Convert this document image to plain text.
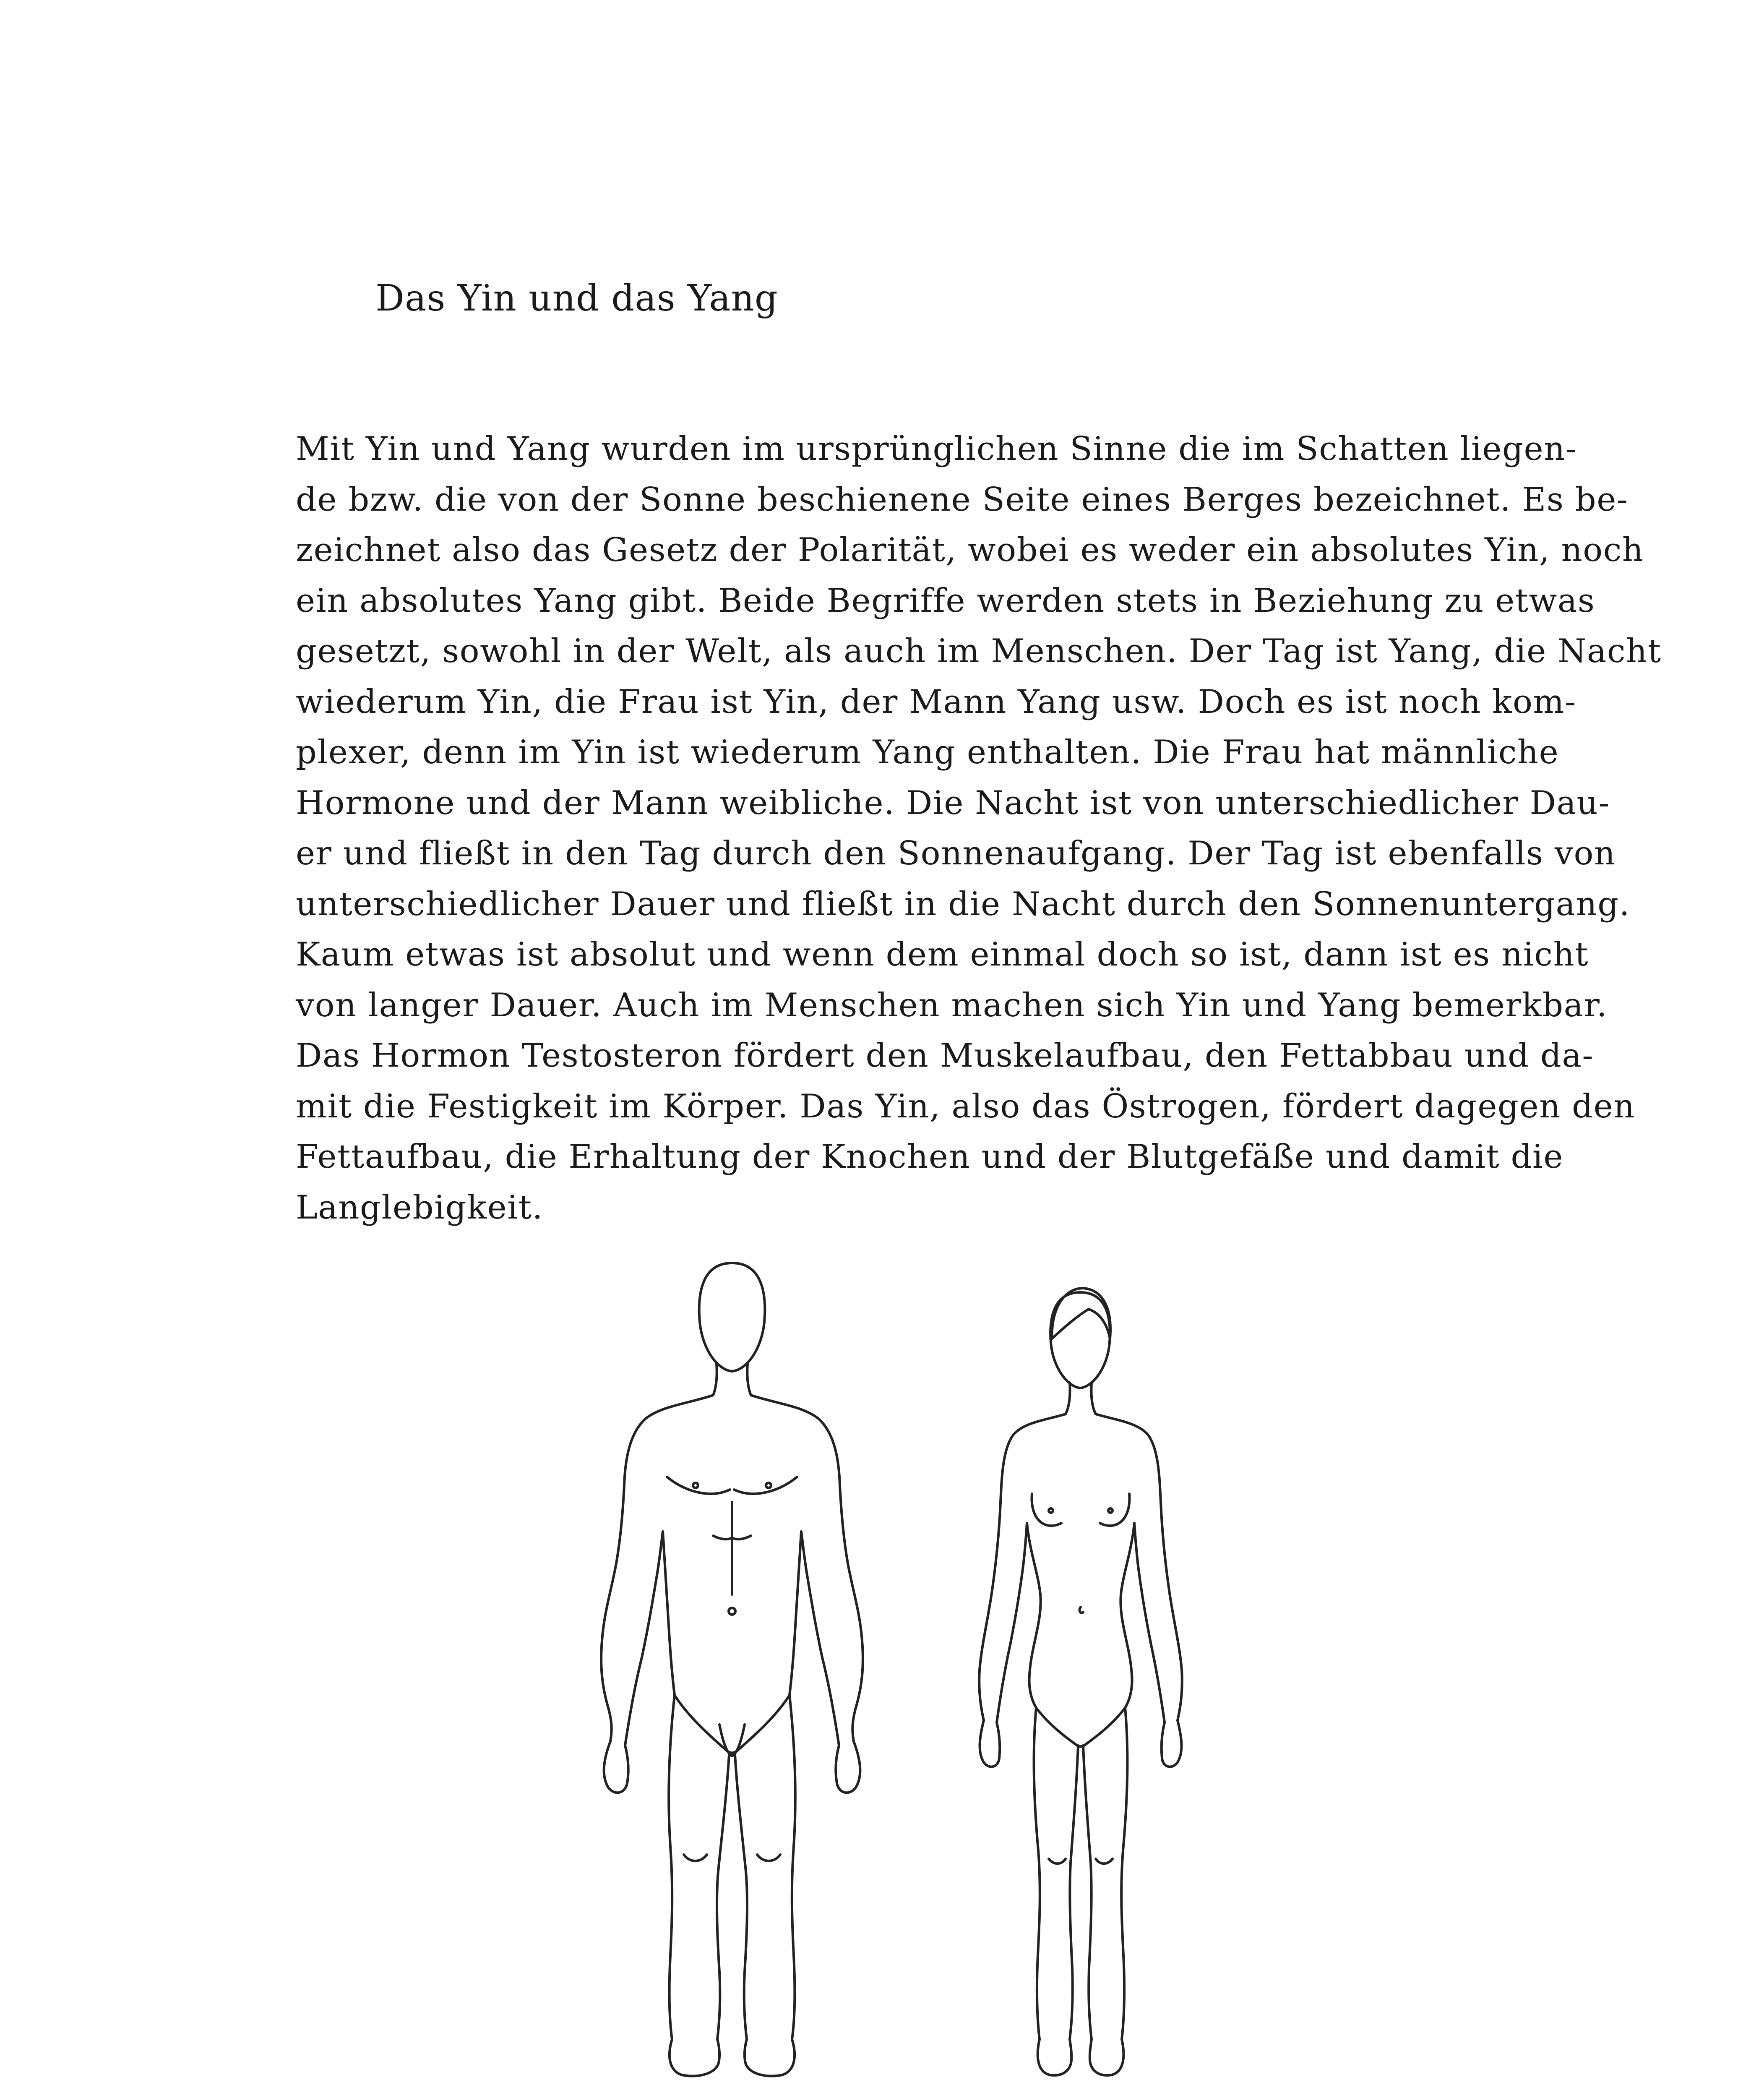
Das Yin und das Yang
Mit Yin und Yang wurden im ursprünglichen Sinne die im Schatten liegen-
de bzw. die von der Sonne beschienene Seite eines Berges bezeichnet. Es be-
zeichnet also das Gesetz der Polarität, wobei es weder ein absolutes Yin, noch
ein absolutes Yang gibt. Beide Begriffe werden stets in Beziehung zu etwas
gesetzt, sowohl in der Welt, als auch im Menschen. Der Tag ist Yang, die Nacht
wiederum Yin, die Frau ist Yin, der Mann Yang usw. Doch es ist noch kom-
plexer, denn im Yin ist wiederum Yang enthalten. Die Frau hat männliche
Hormone und der Mann weibliche. Die Nacht ist von unterschiedlicher Dau-
er und fließt in den Tag durch den Sonnenaufgang. Der Tag ist ebenfalls von
unterschiedlicher Dauer und fließt in die Nacht durch den Sonnenuntergang.
Kaum etwas ist absolut und wenn dem einmal doch so ist, dann ist es nicht
von langer Dauer. Auch im Menschen machen sich Yin und Yang bemerkbar.
Das Hormon Testosteron fördert den Muskelaufbau, den Fettabbau und da-
mit die Festigkeit im Körper. Das Yin, also das Östrogen, fördert dagegen den
Fettaufbau, die Erhaltung der Knochen und der Blutgefäße und damit die
Langlebigkeit.
